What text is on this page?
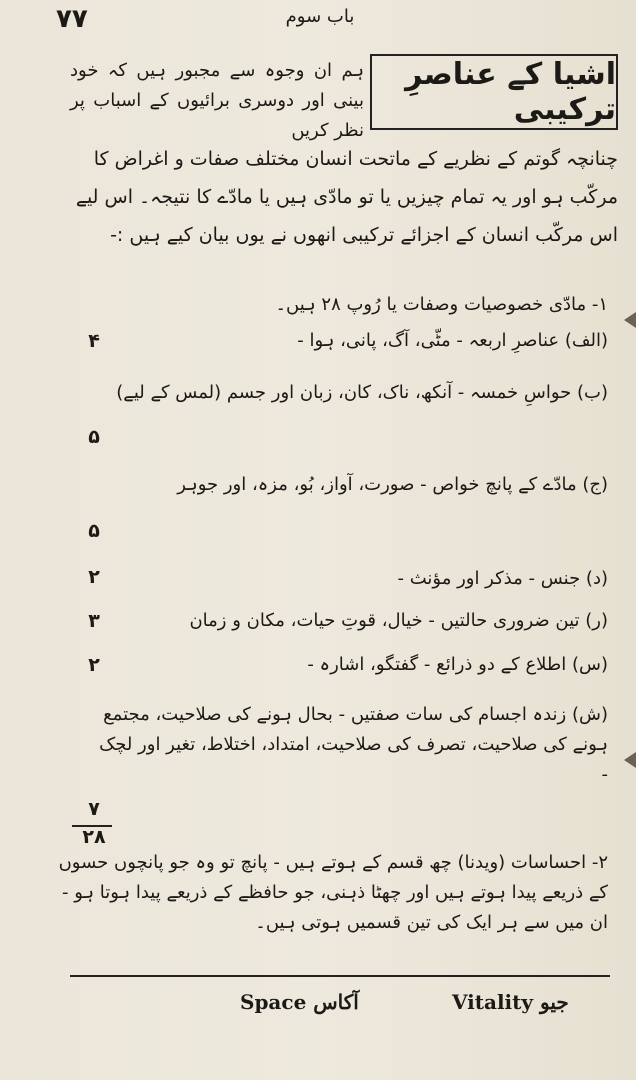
۷۷	باب سوم
اشیا کے عناصرِ ترکیبی
ہم ان وجوہ سے مجبور ہیں کہ خود بینی اور دوسری برائیوں کے اسباب پر نظر کریں
چنانچہ گوتم کے نظریے کے ماتحت انسان مختلف صفات و اغراض کا مرکّب ہو اور یہ تمام چیزیں یا تو مادّی ہیں یا مادّے کا نتیجہ۔ اس لیے اس مرکّب انسان کے اجزائے ترکیبی انھوں نے یوں بیان کیے ہیں :-
۱- مادّی خصوصیات وصفات یا رُوپ ۲۸ ہیں۔
(الف) عناصرِ اربعہ - مٹّی، آگ، پانی، ہوا -
۴
(ب) حواسِ خمسہ - آنکھ، ناک، کان، زبان اور جسم (لمس کے لیے)
۵
(ج) مادّے کے پانچ خواص - صورت، آواز، بُو، مزہ، اور جوہر
۵
(د) جنس - مذکر اور مؤنث -
۲
(ر) تین ضروری حالتیں - خیال، قوتِ حیات، مکان و زمان
۳
(س) اطلاع کے دو ذرائع - گفتگو، اشارہ -
۲
(ش) زندہ اجسام کی سات صفتیں - بحال ہونے کی صلاحیت، مجتمع ہونے کی صلاحیت، تصرف کی صلاحیت، امتداد، اختلاط، تغیر اور لچک -
۷
۲۸
۲- احساسات (ویدنا) چھ قسم کے ہوتے ہیں - پانچ تو وہ جو پانچوں حسوں کے ذریعے پیدا ہوتے ہیں اور چھٹا ذہنی، جو حافظے کے ذریعے پیدا ہوتا ہو - ان میں سے ہر ایک کی تین قسمیں ہوتی ہیں۔
Space آکاس	Vitality جیو
